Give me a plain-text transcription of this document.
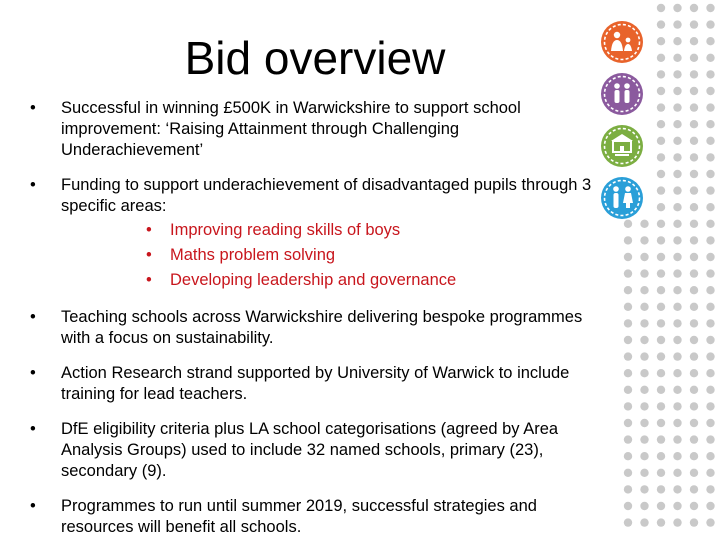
Bid overview
• Successful in winning £500K in Warwickshire to support school improvement: ‘Raising Attainment through Challenging Underachievement’
• Funding to support underachievement of disadvantaged pupils through 3 specific areas:
• Improving reading skills of boys
• Maths problem solving
• Developing leadership and governance
• Teaching schools across Warwickshire delivering bespoke programmes with a focus on sustainability.
• Action Research strand supported by University of Warwick to include training for lead teachers.
• DfE eligibility criteria plus LA school categorisations (agreed by Area Analysis Groups) used to include 32 named schools, primary (23), secondary (9).
• Programmes to run until summer 2019, successful strategies and resources will benefit all schools.
